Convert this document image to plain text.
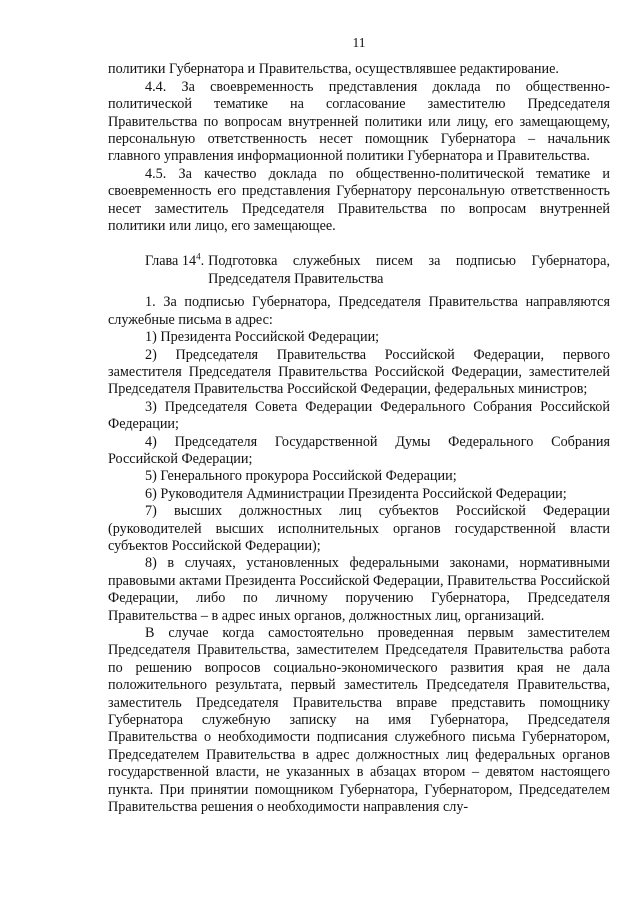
11

политики Губернатора и Правительства, осуществлявшее редактирование.

4.4. За своевременность представления доклада по общественно-политической тематике на согласование заместителю Председателя Правительства по вопросам внутренней политики или лицу, его замещающему, персональную ответственность несет помощник Губернатора – начальник главного управления информационной политики Губернатора и Правительства.

4.5. За качество доклада по общественно-политической тематике и своевременность его представления Губернатору персональную ответственность несет заместитель Председателя Правительства по вопросам внутренней политики или лицо, его замещающее.

Глава $14^4$. Подготовка служебных писем за подписью Губернатора, Председателя Правительства

1. За подписью Губернатора, Председателя Правительства направляются служебные письма в адрес:

1) Президента Российской Федерации;

2) Председателя Правительства Российской Федерации, первого заместителя Председателя Правительства Российской Федерации, заместителей Председателя Правительства Российской Федерации, федеральных министров;

3) Председателя Совета Федерации Федерального Собрания Российской Федерации;

4) Председателя Государственной Думы Федерального Собрания Российской Федерации;

5) Генерального прокурора Российской Федерации;

6) Руководителя Администрации Президента Российской Федерации;

7) высших должностных лиц субъектов Российской Федерации (руководителей высших исполнительных органов государственной власти субъектов Российской Федерации);

8) в случаях, установленных федеральными законами, нормативными правовыми актами Президента Российской Федерации, Правительства Российской Федерации, либо по личному поручению Губернатора, Председателя Правительства – в адрес иных органов, должностных лиц, организаций.

В случае когда самостоятельно проведенная первым заместителем Председателя Правительства, заместителем Председателя Правительства работа по решению вопросов социально-экономического развития края не дала положительного результата, первый заместитель Председателя Правительства, заместитель Председателя Правительства вправе представить помощнику Губернатора служебную записку на имя Губернатора, Председателя Правительства о необходимости подписания служебного письма Губернатором, Председателем Правительства в адрес должностных лиц федеральных органов государственной власти, не указанных в абзацах втором – девятом настоящего пункта. При принятии помощником Губернатора, Губернатором, Председателем Правительства решения о необходимости направления слу-
